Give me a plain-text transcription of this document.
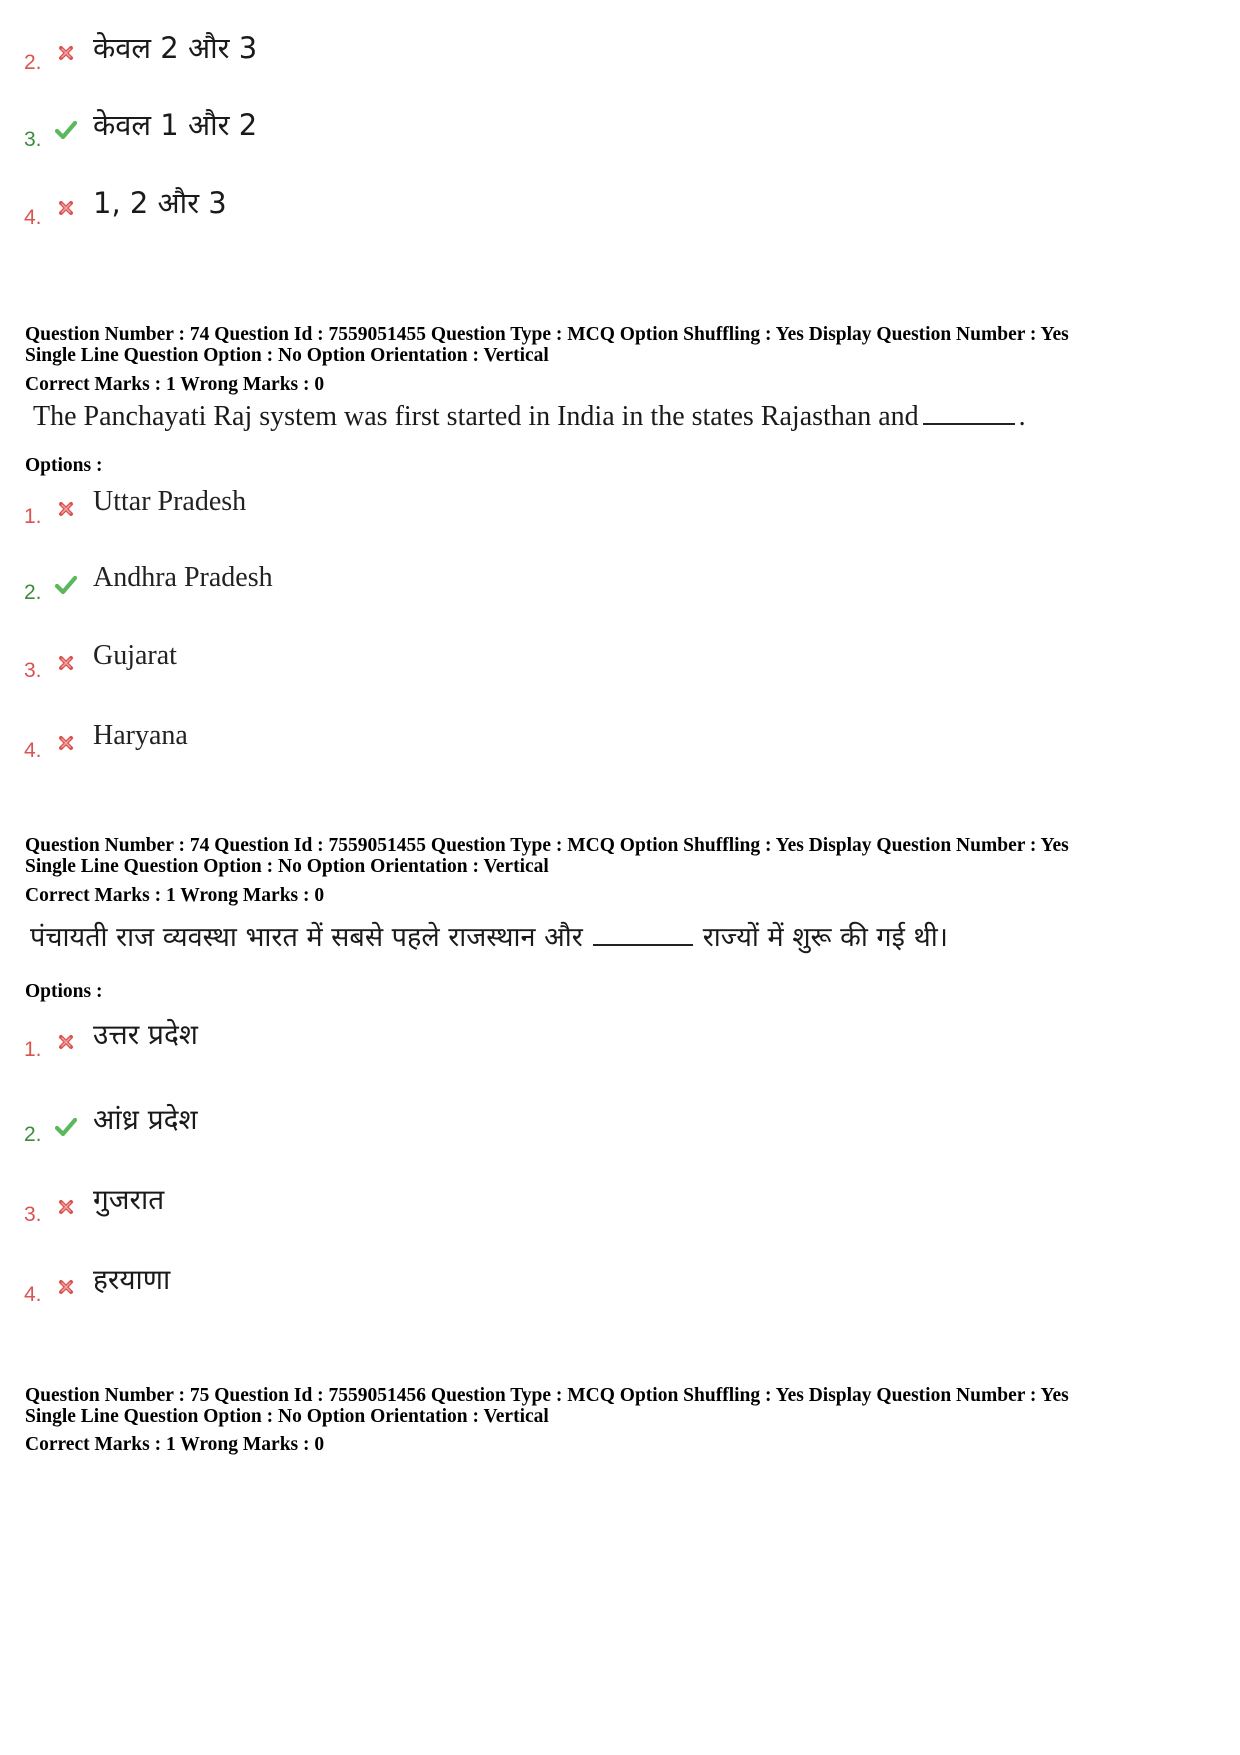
2. केवल 2 और 3
3. केवल 1 और 2
4. 1, 2 और 3
Question Number : 74 Question Id : 7559051455 Question Type : MCQ Option Shuffling : Yes Display Question Number : Yes
Single Line Question Option : No Option Orientation : Vertical
Correct Marks : 1 Wrong Marks : 0
The Panchayati Raj system was first started in India in the states Rajasthan and	.
Options :
1. Uttar Pradesh
2. Andhra Pradesh
3. Gujarat
4. Haryana
Question Number : 74 Question Id : 7559051455 Question Type : MCQ Option Shuffling : Yes Display Question Number : Yes
Single Line Question Option : No Option Orientation : Vertical
Correct Marks : 1 Wrong Marks : 0
पंचायती राज व्यवस्था भारत में सबसे पहले राजस्थान और	राज्यों में शुरू की गई थी।
Options :
1. उत्तर प्रदेश
2. आंध्र प्रदेश
3. गुजरात
4. हरयाणा
Question Number : 75 Question Id : 7559051456 Question Type : MCQ Option Shuffling : Yes Display Question Number : Yes
Single Line Question Option : No Option Orientation : Vertical
Correct Marks : 1 Wrong Marks : 0
